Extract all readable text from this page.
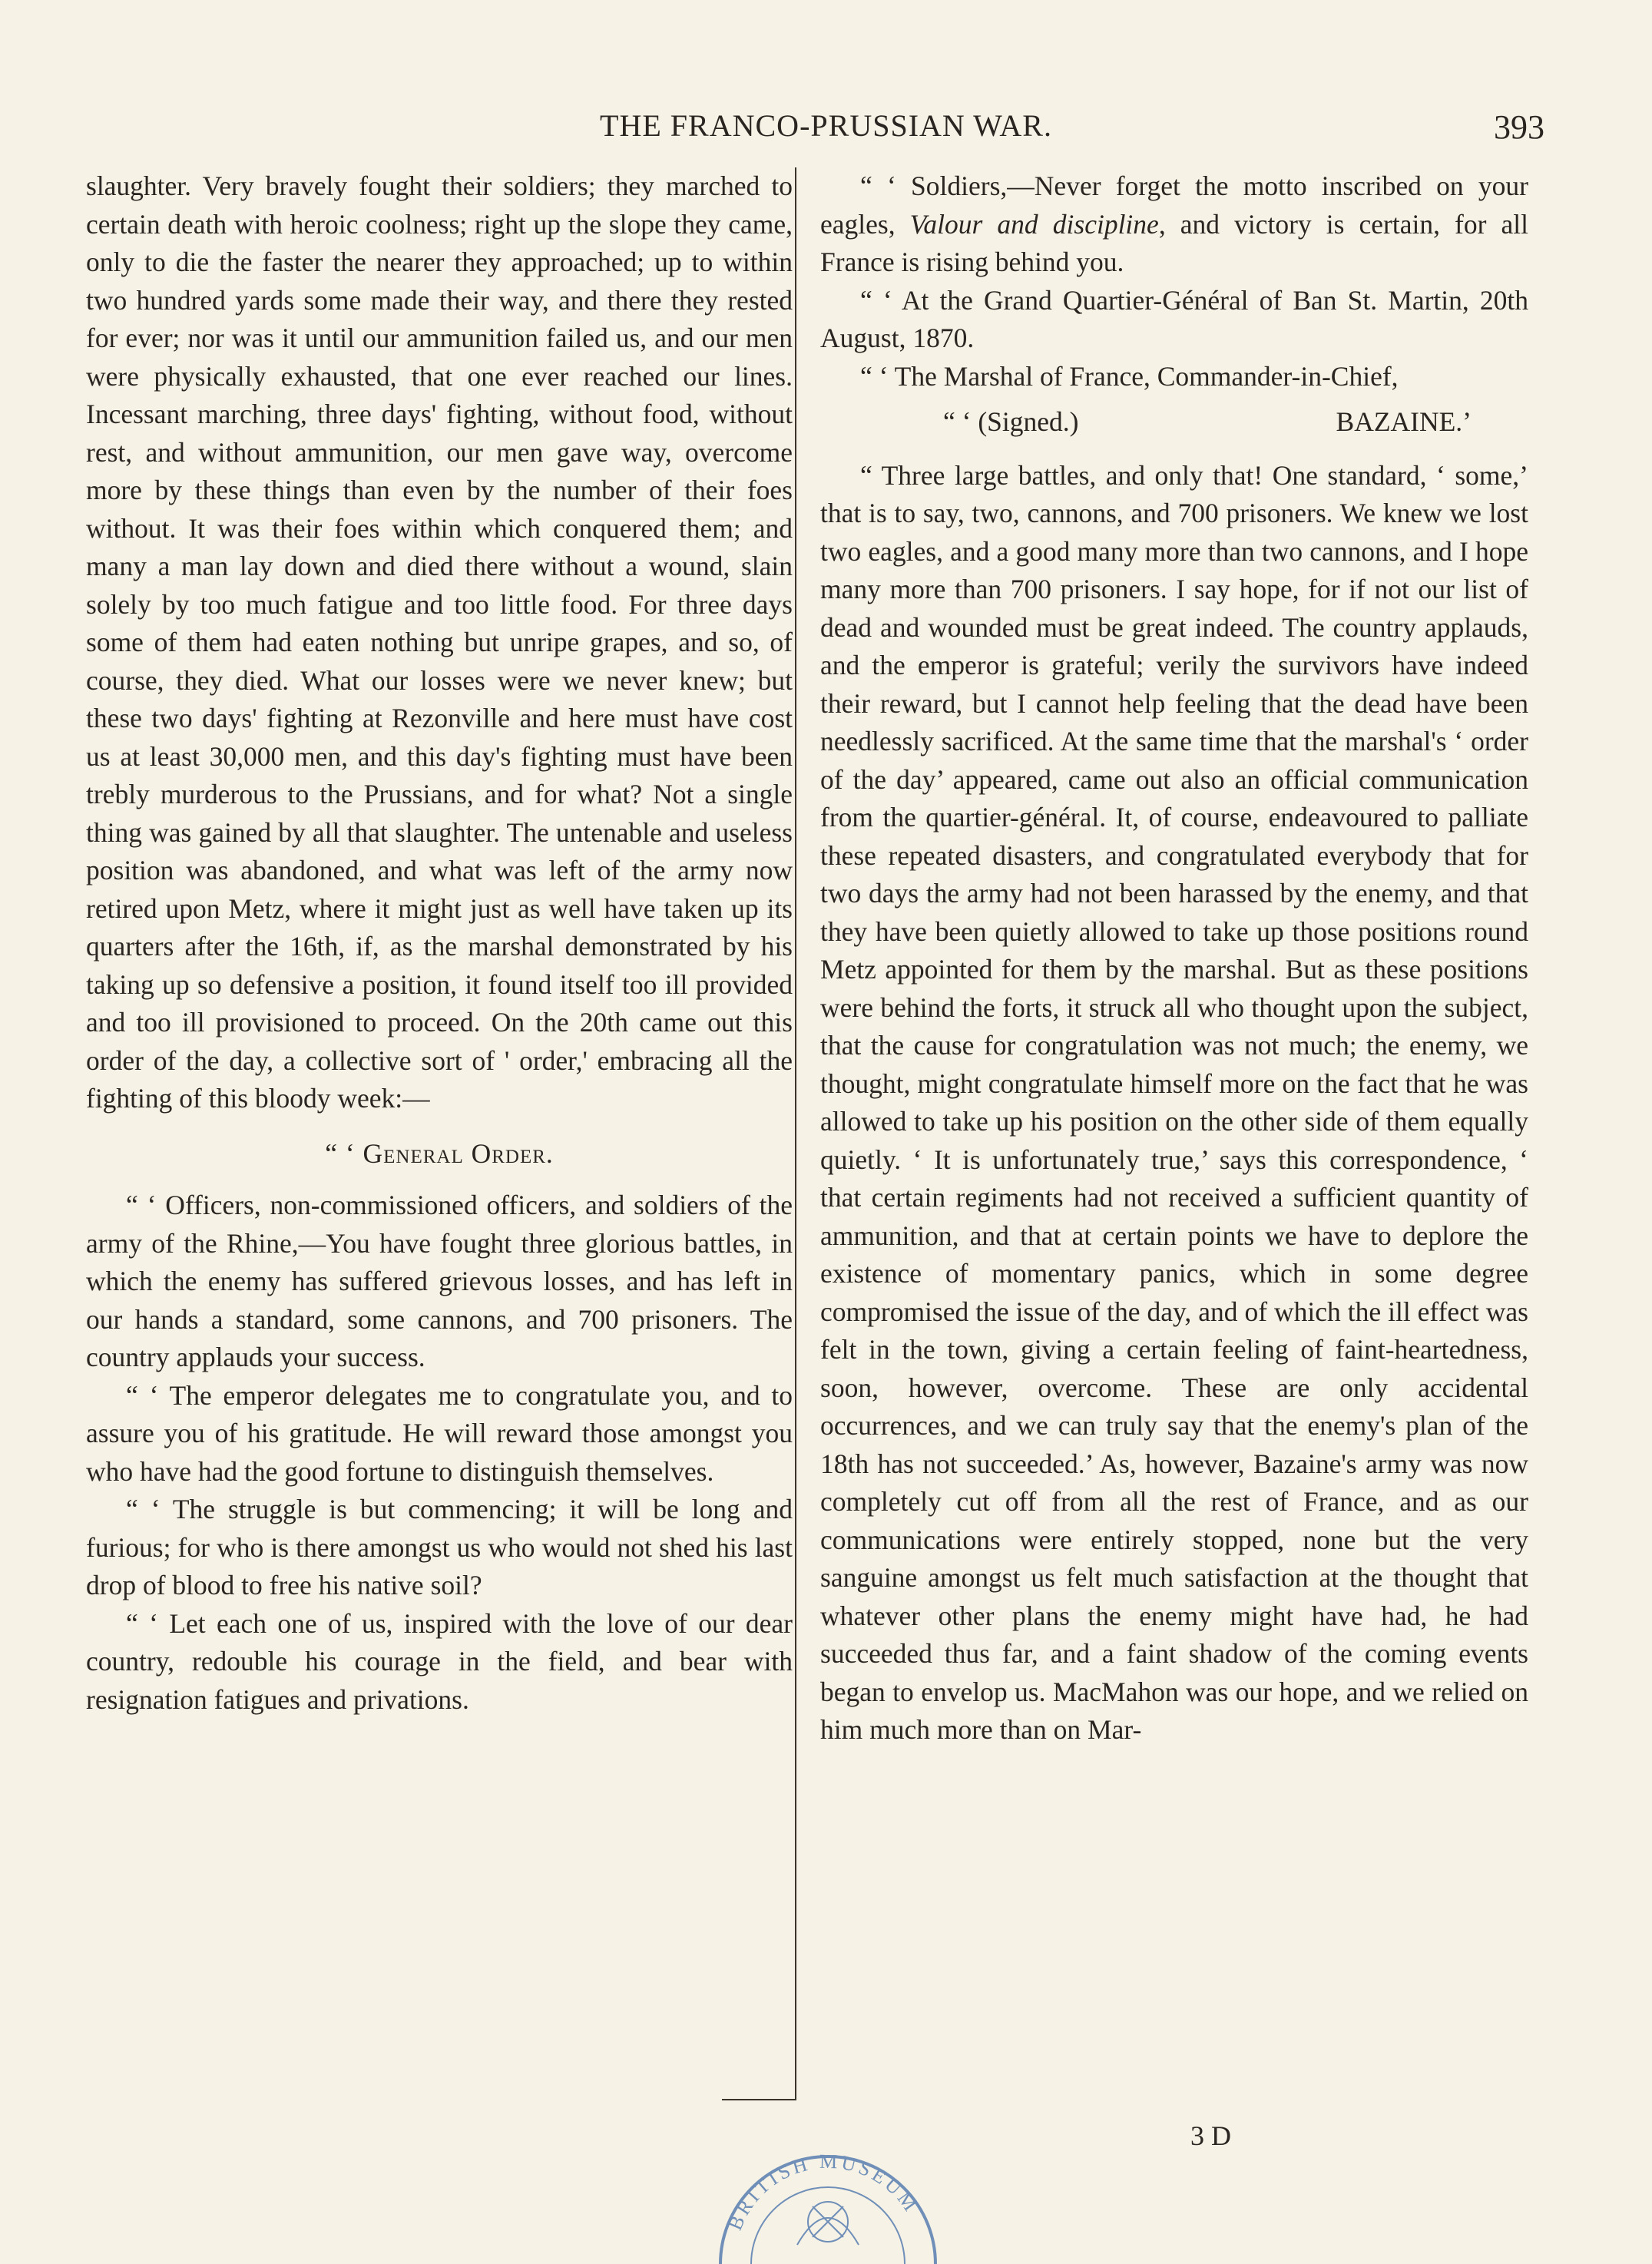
THE FRANCO-PRUSSIAN WAR.	393

slaughter. Very bravely fought their soldiers; they marched to certain death with heroic coolness; right up the slope they came, only to die the faster the nearer they approached; up to within two hundred yards some made their way, and there they rested for ever; nor was it until our ammunition failed us, and our men were physically exhausted, that one ever reached our lines. Incessant marching, three days' fighting, without food, without rest, and without ammunition, our men gave way, overcome more by these things than even by the number of their foes without. It was their foes within which conquered them; and many a man lay down and died there without a wound, slain solely by too much fatigue and too little food. For three days some of them had eaten nothing but unripe grapes, and so, of course, they died. What our losses were we never knew; but these two days' fighting at Rezonville and here must have cost us at least 30,000 men, and this day's fighting must have been trebly murderous to the Prussians, and for what? Not a single thing was gained by all that slaughter. The untenable and useless position was abandoned, and what was left of the army now retired upon Metz, where it might just as well have taken up its quarters after the 16th, if, as the marshal demonstrated by his taking up so defensive a position, it found itself too ill provided and too ill provisioned to proceed. On the 20th came out this order of the day, a collective sort of ' order,' embracing all the fighting of this bloody week:—

“ ‘ General Order.

“ ‘ Officers, non-commissioned officers, and soldiers of the army of the Rhine,—You have fought three glorious battles, in which the enemy has suffered grievous losses, and has left in our hands a standard, some cannons, and 700 prisoners. The country applauds your success.

“ ‘ The emperor delegates me to congratulate you, and to assure you of his gratitude. He will reward those amongst you who have had the good fortune to distinguish themselves.

“ ‘ The struggle is but commencing; it will be long and furious; for who is there amongst us who would not shed his last drop of blood to free his native soil?

“ ‘ Let each one of us, inspired with the love of our dear country, redouble his courage in the field, and bear with resignation fatigues and privations.

“ ‘ Soldiers,—Never forget the motto inscribed on your eagles, Valour and discipline, and victory is certain, for all France is rising behind you.

“ ‘ At the Grand Quartier-Général of Ban St. Martin, 20th August, 1870.

“ ‘ The Marshal of France, Commander-in-Chief,

“ ‘ (Signed.)	BAZAINE.’

“ Three large battles, and only that! One standard, ‘ some,’ that is to say, two, cannons, and 700 prisoners. We knew we lost two eagles, and a good many more than two cannons, and I hope many more than 700 prisoners. I say hope, for if not our list of dead and wounded must be great indeed. The country applauds, and the emperor is grateful; verily the survivors have indeed their reward, but I cannot help feeling that the dead have been needlessly sacrificed. At the same time that the marshal's ‘ order of the day’ appeared, came out also an official communication from the quartier-général. It, of course, endeavoured to palliate these repeated disasters, and congratulated everybody that for two days the army had not been harassed by the enemy, and that they have been quietly allowed to take up those positions round Metz appointed for them by the marshal. But as these positions were behind the forts, it struck all who thought upon the subject, that the cause for congratulation was not much; the enemy, we thought, might congratulate himself more on the fact that he was allowed to take up his position on the other side of them equally quietly. ‘ It is unfortunately true,’ says this correspondence, ‘ that certain regiments had not received a sufficient quantity of ammunition, and that at certain points we have to deplore the existence of momentary panics, which in some degree compromised the issue of the day, and of which the ill effect was felt in the town, giving a certain feeling of faint-heartedness, soon, however, overcome. These are only accidental occurrences, and we can truly say that the enemy's plan of the 18th has not succeeded.’ As, however, Bazaine's army was now completely cut off from all the rest of France, and as our communications were entirely stopped, none but the very sanguine amongst us felt much satisfaction at the thought that whatever other plans the enemy might have had, he had succeeded thus far, and a faint shadow of the coming events began to envelop us. MacMahon was our hope, and we relied on him much more than on Mar-

3 D
BRITISH MUSEUM
